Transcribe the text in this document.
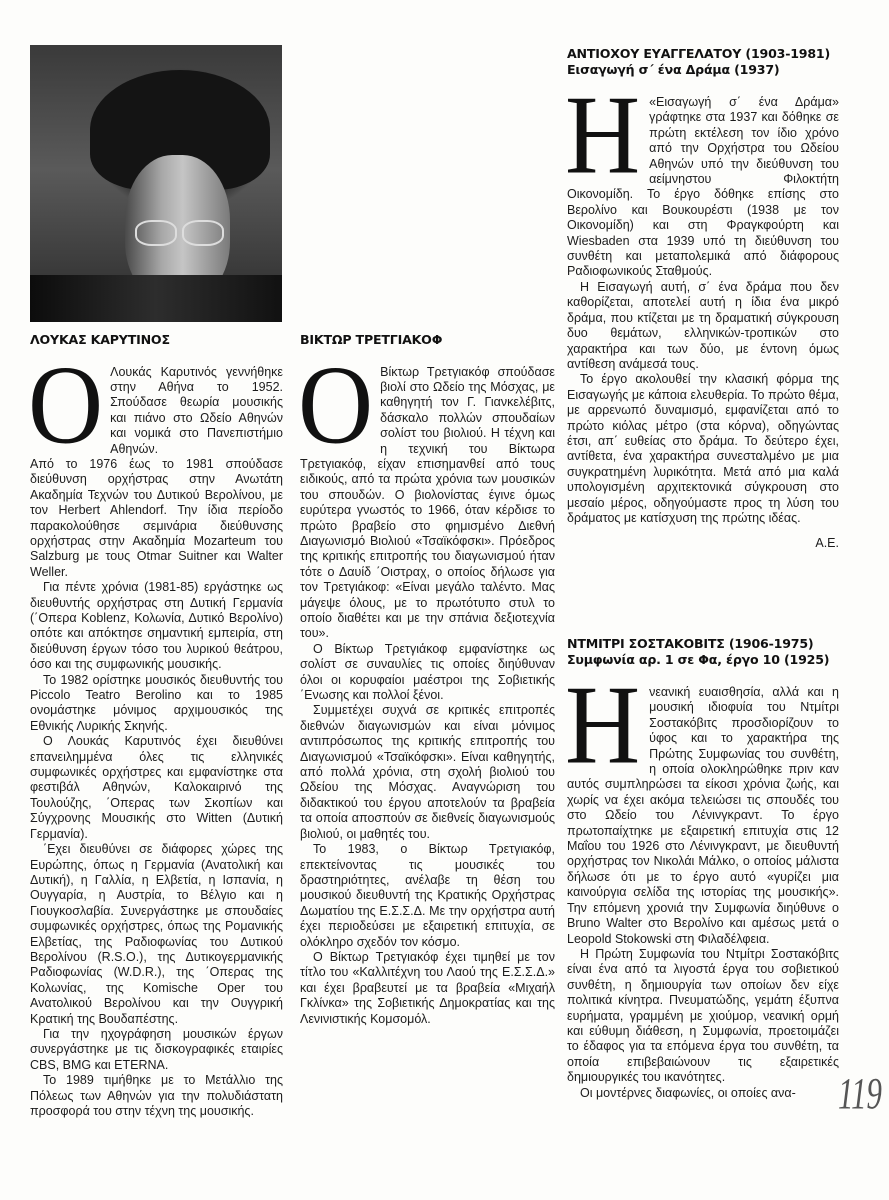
ΛΟΥΚΑΣ ΚΑΡΥΤΙΝΟΣ
Ο Λουκάς Καρυτινός γεννήθηκε στην Αθήνα το 1952. Σπούδασε θεωρία μουσικής και πιάνο στο Ωδείο Αθηνών και νομικά στο Πανεπιστήμιο Αθηνών.

Από το 1976 έως το 1981 σπούδασε διεύθυνση ορχήστρας στην Ανωτάτη Ακαδημία Τεχνών του Δυτικού Βερολίνου, με τον Herbert Ahlendorf. Την ίδια περίοδο παρακολούθησε σεμινάρια διεύθυνσης ορχήστρας στην Ακαδημία Mozarteum του Salzburg με τους Otmar Suitner και Walter Weller.

Για πέντε χρόνια (1981-85) εργάστηκε ως διευθυντής ορχήστρας στη Δυτική Γερμανία (΄Οπερα Koblenz, Κολωνία, Δυτικό Βερολίνο) οπότε και απόκτησε σημαντική εμπειρία, στη διεύθυνση έργων τόσο του λυρικού θεάτρου, όσο και της συμφωνικής μουσικής.

Το 1982 ορίστηκε μουσικός διευθυντής του Piccolo Teatro Berolino και το 1985 ονομάστηκε μόνιμος αρχιμουσικός της Εθνικής Λυρικής Σκηνής.

Ο Λουκάς Καρυτινός έχει διευθύνει επανειλημμένα όλες τις ελληνικές συμφωνικές ορχήστρες και εμφανίστηκε στα φεστιβάλ Αθηνών, Καλοκαιρινό της Τουλούζης, ΄Οπερας των Σκοπίων και Σύγχρονης Μουσικής στο Witten (Δυτική Γερμανία).

΄Εχει διευθύνει σε διάφορες χώρες της Ευρώπης, όπως η Γερμανία (Ανατολική και Δυτική), η Γαλλία, η Ελβετία, η Ισπανία, η Ουγγαρία, η Αυστρία, το Βέλγιο και η Γιουγκοσλαβία. Συνεργάστηκε με σπουδαίες συμφωνικές ορχήστρες, όπως της Ρομανικής Ελβετίας, της Ραδιοφωνίας του Δυτικού Βερολίνου (R.S.O.), της Δυτικογερμανικής Ραδιοφωνίας (W.D.R.), της ΄Οπερας της Κολωνίας, της Komische Oper του Ανατολικού Βερολίνου και την Ουγγρική Κρατική της Βουδαπέστης.

Για την ηχογράφηση μουσικών έργων συνεργάστηκε με τις δισκογραφικές εταιρίες CBS, BMG και ETERNA.

Το 1989 τιμήθηκε με το Μετάλλιο της Πόλεως των Αθηνών για την πολυδιάστατη προσφορά του στην τέχνη της μουσικής.

ΒΙΚΤΩΡ ΤΡΕΤΓΙΑΚΟΦ
Ο Βίκτωρ Τρετγιακόφ σπούδασε βιολί στο Ωδείο της Μόσχας, με καθηγητή τον Γ. Γιανκελέβιτς, δάσκαλο πολλών σπουδαίων σολίστ του βιολιού. Η τέχνη και η τεχνική του Βίκτωρα Τρετγιακόφ, είχαν επισημανθεί από τους ειδικούς, από τα πρώτα χρόνια των μουσικών του σπουδών. Ο βιολονίστας έγινε όμως ευρύτερα γνωστός το 1966, όταν κέρδισε το πρώτο βραβείο στο φημισμένο Διεθνή Διαγωνισμό Βιολιού «Τσαϊκόφσκι». Πρόεδρος της κριτικής επιτροπής του διαγωνισμού ήταν τότε ο Δαυίδ ΄Οιστραχ, ο οποίος δήλωσε για τον Τρετγιάκοφ: «Είναι μεγάλο ταλέντο. Μας μάγεψε όλους, με το πρωτότυπο στυλ το οποίο διαθέτει και με την σπάνια δεξιοτεχνία του».

Ο Βίκτωρ Τρετγιάκοφ εμφανίστηκε ως σολίστ σε συναυλίες τις οποίες διηύθυναν όλοι οι κορυφαίοι μαέστροι της Σοβιετικής ΄Ενωσης και πολλοί ξένοι.

Συμμετέχει συχνά σε κριτικές επιτροπές διεθνών διαγωνισμών και είναι μόνιμος αντιπρόσωπος της κριτικής επιτροπής του Διαγωνισμού «Τσαϊκόφσκι». Είναι καθηγητής, από πολλά χρόνια, στη σχολή βιολιού του Ωδείου της Μόσχας. Αναγνώριση του διδακτικού του έργου αποτελούν τα βραβεία τα οποία αποσπούν σε διεθνείς διαγωνισμούς βιολιού, οι μαθητές του.

Το 1983, ο Βίκτωρ Τρετγιακόφ, επεκτείνοντας τις μουσικές του δραστηριότητες, ανέλαβε τη θέση του μουσικού διευθυντή της Κρατικής Ορχήστρας Δωματίου της Ε.Σ.Σ.Δ. Με την ορχήστρα αυτή έχει περιοδεύσει με εξαιρετική επιτυχία, σε ολόκληρο σχεδόν τον κόσμο.

Ο Βίκτωρ Τρετγιακόφ έχει τιμηθεί με τον τίτλο του «Καλλιτέχνη του Λαού της Ε.Σ.Σ.Δ.» και έχει βραβευτεί με τα βραβεία «Μιχαήλ Γκλίνκα» της Σοβιετικής Δημοκρατίας και της Λενινιστικής Κομσομόλ.

ΑΝΤΙΟΧΟΥ ΕΥΑΓΓΕΛΑΤΟΥ (1903-1981)
Εισαγωγή σ΄ ένα Δράμα (1937)
Η «Εισαγωγή σ΄ ένα Δράμα» γράφτηκε στα 1937 και δόθηκε σε πρώτη εκτέλεση τον ίδιο χρόνο από την Ορχήστρα του Ωδείου Αθηνών υπό την διεύθυνση του αείμνηστου Φιλοκτήτη Οικονομίδη. Το έργο δόθηκε επίσης στο Βερολίνο και Βουκουρέστι (1938 με τον Οικονομίδη) και στη Φραγκφούρτη και Wiesbaden στα 1939 υπό τη διεύθυνση του συνθέτη και μεταπολεμικά από διάφορους Ραδιοφωνικούς Σταθμούς.

Η Εισαγωγή αυτή, σ΄ ένα δράμα που δεν καθορίζεται, αποτελεί αυτή η ίδια ένα μικρό δράμα, που κτίζεται με τη δραματική σύγκρουση δυο θεμάτων, ελληνικών-τροπικών στο χαρακτήρα και των δύο, με έντονη όμως αντίθεση ανάμεσά τους.

Το έργο ακολουθεί την κλασική φόρμα της Εισαγωγής με κάποια ελευθερία. Το πρώτο θέμα, με αρρενωπό δυναμισμό, εμφανίζεται από το πρώτο κιόλας μέτρο (στα κόρνα), οδηγώντας έτσι, απ΄ ευθείας στο δράμα. Το δεύτερο έχει, αντίθετα, ένα χαρακτήρα συνεσταλμένο με μια συγκρατημένη λυρικότητα. Μετά από μια καλά υπολογισμένη αρχιτεκτονικά σύγκρουση στο μεσαίο μέρος, οδηγούμαστε προς τη λύση του δράματος με κατίσχυση της πρώτης ιδέας.

Α.Ε.

ΝΤΜΙΤΡΙ ΣΟΣΤΑΚΟΒΙΤΣ (1906-1975)
Συμφωνία αρ. 1 σε Φα, έργο 10 (1925)
Η νεανική ευαισθησία, αλλά και η μουσική ιδιοφυία του Ντμίτρι Σοστακόβιτς προσδιορίζουν το ύφος και το χαρακτήρα της Πρώτης Συμφωνίας του συνθέτη, η οποία ολοκληρώθηκε πριν καν αυτός συμπληρώσει τα είκοσι χρόνια ζωής, και χωρίς να έχει ακόμα τελειώσει τις σπουδές του στο Ωδείο του Λένινγκραντ. Το έργο πρωτοπαίχτηκε με εξαιρετική επιτυχία στις 12 Μαΐου του 1926 στο Λένινγκραντ, με διευθυντή ορχήστρας τον Νικολάι Μάλκο, ο οποίος μάλιστα δήλωσε ότι με το έργο αυτό «γυρίζει μια καινούργια σελίδα της ιστορίας της μουσικής». Την επόμενη χρονιά την Συμφωνία διηύθυνε ο Bruno Walter στο Βερολίνο και αμέσως μετά ο Leopold Stokowski στη Φιλαδέλφεια.

Η Πρώτη Συμφωνία του Ντμίτρι Σοστακόβιτς είναι ένα από τα λιγοστά έργα του σοβιετικού συνθέτη, η δημιουργία των οποίων δεν είχε πολιτικά κίνητρα. Πνευματώδης, γεμάτη έξυπνα ευρήματα, γραμμένη με χιούμορ, νεανική ορμή και εύθυμη διάθεση, η Συμφωνία, προετοιμάζει το έδαφος για τα επόμενα έργα του συνθέτη, τα οποία επιβεβαιώνουν τις εξαιρετικές δημιουργικές του ικανότητες.

Οι μοντέρνες διαφωνίες, οι οποίες ανα- 119
